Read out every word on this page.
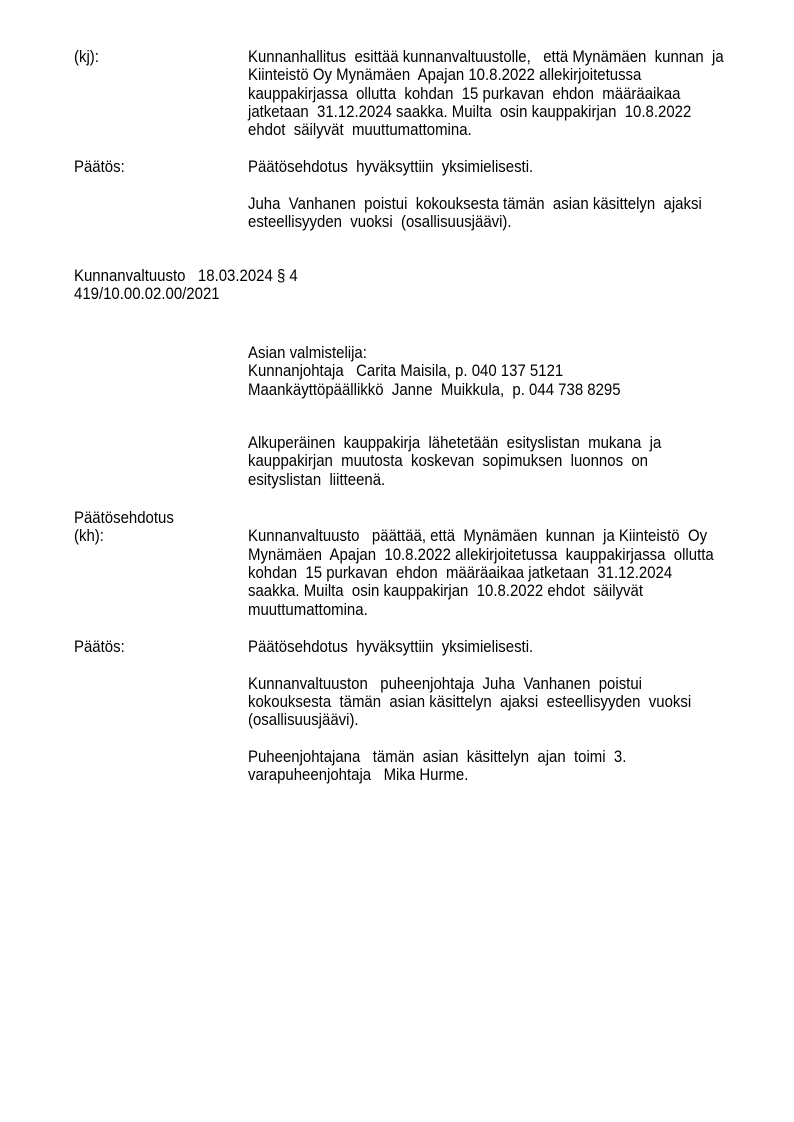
(kj):	Kunnanhallitus  esittää kunnanvaltuustolle,   että Mynämäen  kunnan  ja
Kiinteistö Oy Mynämäen  Apajan 10.8.2022 allekirjoitetussa
kauppakirjassa  ollutta  kohdan  15 purkavan  ehdon  määräaikaa
jatketaan  31.12.2024 saakka. Muilta  osin kauppakirjan  10.8.2022
ehdot  säilyvät  muuttumattomina.
Päätös:	Päätösehdotus  hyväksyttiin  yksimielisesti.
Juha  Vanhanen  poistui  kokouksesta tämän  asian käsittelyn  ajaksi
esteellisyyden  vuoksi  (osallisuusjäävi).
Kunnanvaltuusto   18.03.2024 § 4
419/10.00.02.00/2021
Asian valmistelija:
Kunnanjohtaja   Carita Maisila, p. 040 137 5121
Maankäyttöpäällikkö  Janne  Muikkula,  p. 044 738 8295
Alkuperäinen  kauppakirja  lähetetään  esityslistan  mukana  ja
kauppakirjan  muutosta  koskevan  sopimuksen  luonnos  on
esityslistan  liitteenä.
Päätösehdotus
(kh):	Kunnanvaltuusto   päättää, että  Mynämäen  kunnan  ja Kiinteistö  Oy
Mynämäen  Apajan  10.8.2022 allekirjoitetussa  kauppakirjassa  ollutta
kohdan  15 purkavan  ehdon  määräaikaa jatketaan  31.12.2024
saakka. Muilta  osin kauppakirjan  10.8.2022 ehdot  säilyvät
muuttumattomina.
Päätös:	Päätösehdotus  hyväksyttiin  yksimielisesti.
Kunnanvaltuuston   puheenjohtaja  Juha  Vanhanen  poistui
kokouksesta  tämän  asian käsittelyn  ajaksi  esteellisyyden  vuoksi
(osallisuusjäävi).
Puheenjohtajana   tämän  asian  käsittelyn  ajan  toimi  3.
varapuheenjohtaja   Mika Hurme.
